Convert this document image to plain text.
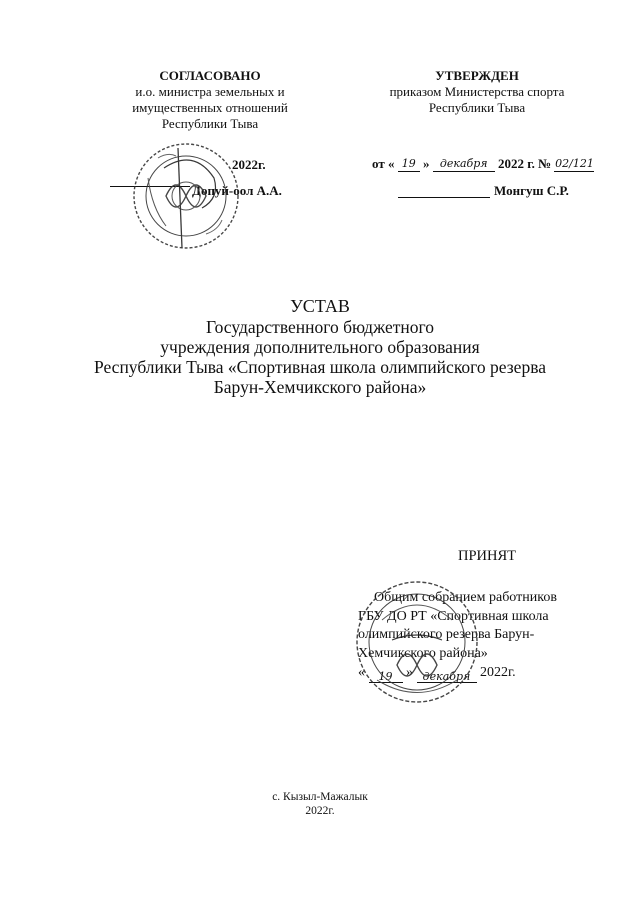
СОГЛАСОВАНО
и.о. министра земельных и
имущественных отношений
Республики Тыва
2022г.
Допуй-оол А.А.
УТВЕРЖДЕН
приказом Министерства спорта
Республики Тыва
от « 19 » декабря 2022 г. № 02/121
Монгуш С.Р.
УСТАВ
Государственного бюджетного
учреждения дополнительного образования
Республики Тыва «Спортивная школа олимпийского резерва
Барун-Хемчикского района»
ПРИНЯТ
Общим собранием работников
ГБУ ДО РТ «Спортивная школа
олимпийского резерва Барун-
Хемчикского района»
« 19 » декабря 2022г.
с. Кызыл-Мажалык
2022г.
